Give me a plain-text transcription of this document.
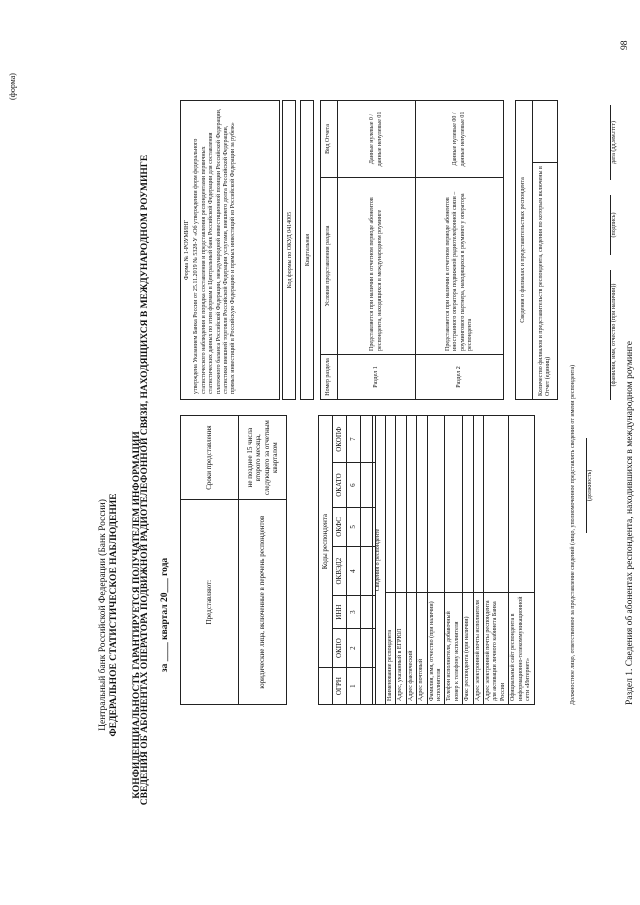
(форма)
Центральный банк Российской Федерации (Банк России) ФЕДЕРАЛЬНОЕ СТАТИСТИЧЕСКОЕ НАБЛЮДЕНИЕ КОНФИДЕНЦИАЛЬНОСТЬ ГАРАНТИРУЕТСЯ ПОЛУЧАТЕЛЕМ ИНФОРМАЦИИ
СВЕДЕНИЯ ОБ АБОНЕНТАХ ОПЕРАТОРА ПОДВИЖНОЙ РАДИОТЕЛЕФОННОЙ СВЯЗИ, НАХОДЯЩИХСЯ В МЕЖДУНАРОДНОМ РОУМИНГЕ за ____ квартал 20___ года	Представляют:	Сроки представления
юридические лица, включенные в перечень респондентов	не позднее 15 числа второго месяца, следующего за отчетным кварталом
	Коды респондента					
ОГРН	ОКПО	ИНН	ОКВЭД2	ОКФС	ОКАТО	ОКОПФ
1	2	3	4	5	6	7

Сведения о респонденте	
Наименование респондента	
Адрес, указанный в ЕГРЮЛ	
Адрес фактический	
Адрес почтовый	
Фамилия, имя, отчество (при наличии) исполнителя	
Телефон исполнителя, добавочный номер к телефону исполнителя	
Факс респондента (при наличии)	
Адрес электронной почты исполнителя	
Адрес электронной почты респондента для активации личного кабинета Банка России	
Официальный сайт респондента в информационно-телекоммуникационной сети «Интернет»	
Форма № 1-РОУМИНГ утверждена Указанием Банка России от 25.11.2019 № 5328-У «Об утверждении форм федерального статистического наблюдения и порядка составления и представления респондентами первичных статистических данных по этим формам в Центральный банк Российской Федерации для составления платежного баланса Российской Федерации, международной инвестиционной позиции Российской Федерации, статистики внешней торговли Российской Федерации услугами, внешнего долга Российской Федерации, прямых инвестиций в Российскую Федерацию и прямых инвестиций из Российской Федерации за рубеж»	Код формы по ОКУД 0414005	Квартальная
Номер раздела	Условия представления раздела	Вид Отчета
Раздел 1	Представляется при наличии в отчетном периоде абонентов респондента, находящихся в международном роуминге	Данные нулевые 0 / данные ненулевые 01
Раздел 2	Представляется при наличии в отчетном периоде абонентов иностранного оператора подвижной радиотелефонной связи – роумингового партнера, находящихся в роуминге у оператора респондента	Данные нулевые 00 / данные ненулевые 01
Сведения о филиалах и представительствах респондента
Количество филиалов и представительств респондента, сведения по которым включены в Отчет (единиц)		Должностное лицо, ответственное за представление сведений (лицо, уполномоченное представлять сведения от имени респондента) (должность)
(фамилия, имя, отчество (при наличии))
(подпись)
дата (дд.мм.гггг)
Раздел 1. Сведения об абонентах респондента, находившихся в международном роуминге
98
